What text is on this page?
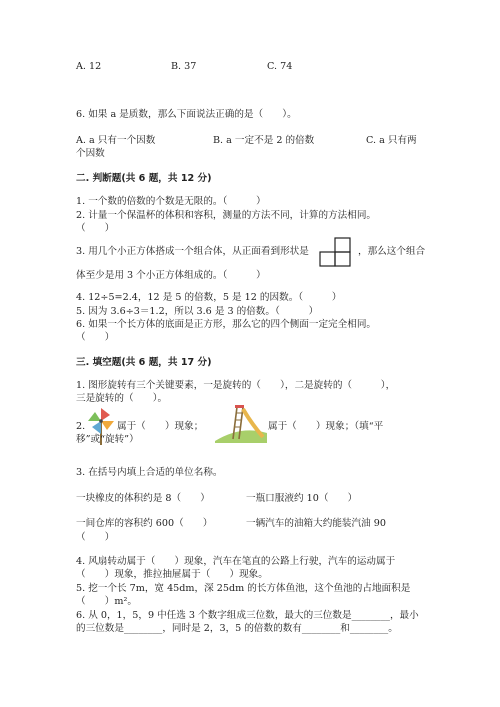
A. 12	B. 37	C. 74
6. 如果 a 是质数，那么下面说法正确的是（　　）。
A. a 只有一个因数	B. a 一定不是 2 的倍数	C. a 只有两
个因数
二. 判断题(共 6 题，共 12 分)
1. 一个数的倍数的个数是无限的。（　　　）
2. 计量一个保温杯的体积和容积，测量的方法不同，计算的方法相同。
（　　）
3. 用几个小正方体搭成一个组合体，从正面看到形状是	，那么这个组合
体至少是用 3 个小正方体组成的。（　　　）
4. 12÷5=2.4，12 是 5 的倍数，5 是 12 的因数。（　　　）
5. 因为 3.6÷3＝1.2，所以 3.6 是 3 的倍数。（　　　）
6. 如果一个长方体的底面是正方形，那么它的四个侧面一定完全相同。
（　　）
三. 填空题(共 6 题，共 17 分)
1. 图形旋转有三个关键要素，一是旋转的（　　），二是旋转的（　　　），
三是旋转的（　　）。
2.	属于（　　）现象；	属于（　　）现象；（填“平
移”或“旋转”）
3. 在括号内填上合适的单位名称。
一块橡皮的体积约是 8（　　）	一瓶口服液约 10（　　）
一间仓库的容积约 600（　　）	一辆汽车的油箱大约能装汽油 90
（　　）
4. 风扇转动属于（　　）现象，汽车在笔直的公路上行驶，汽车的运动属于
（　　）现象，推拉抽屉属于（　　）现象。
5. 挖一个长 7m，宽 45dm，深 25dm 的长方体鱼池，这个鱼池的占地面积是
（　　）m²。
6. 从 0，1，5，9 中任选 3 个数字组成三位数，最大的三位数是________，最小
的三位数是________，同时是 2，3，5 的倍数的数有________和________。
